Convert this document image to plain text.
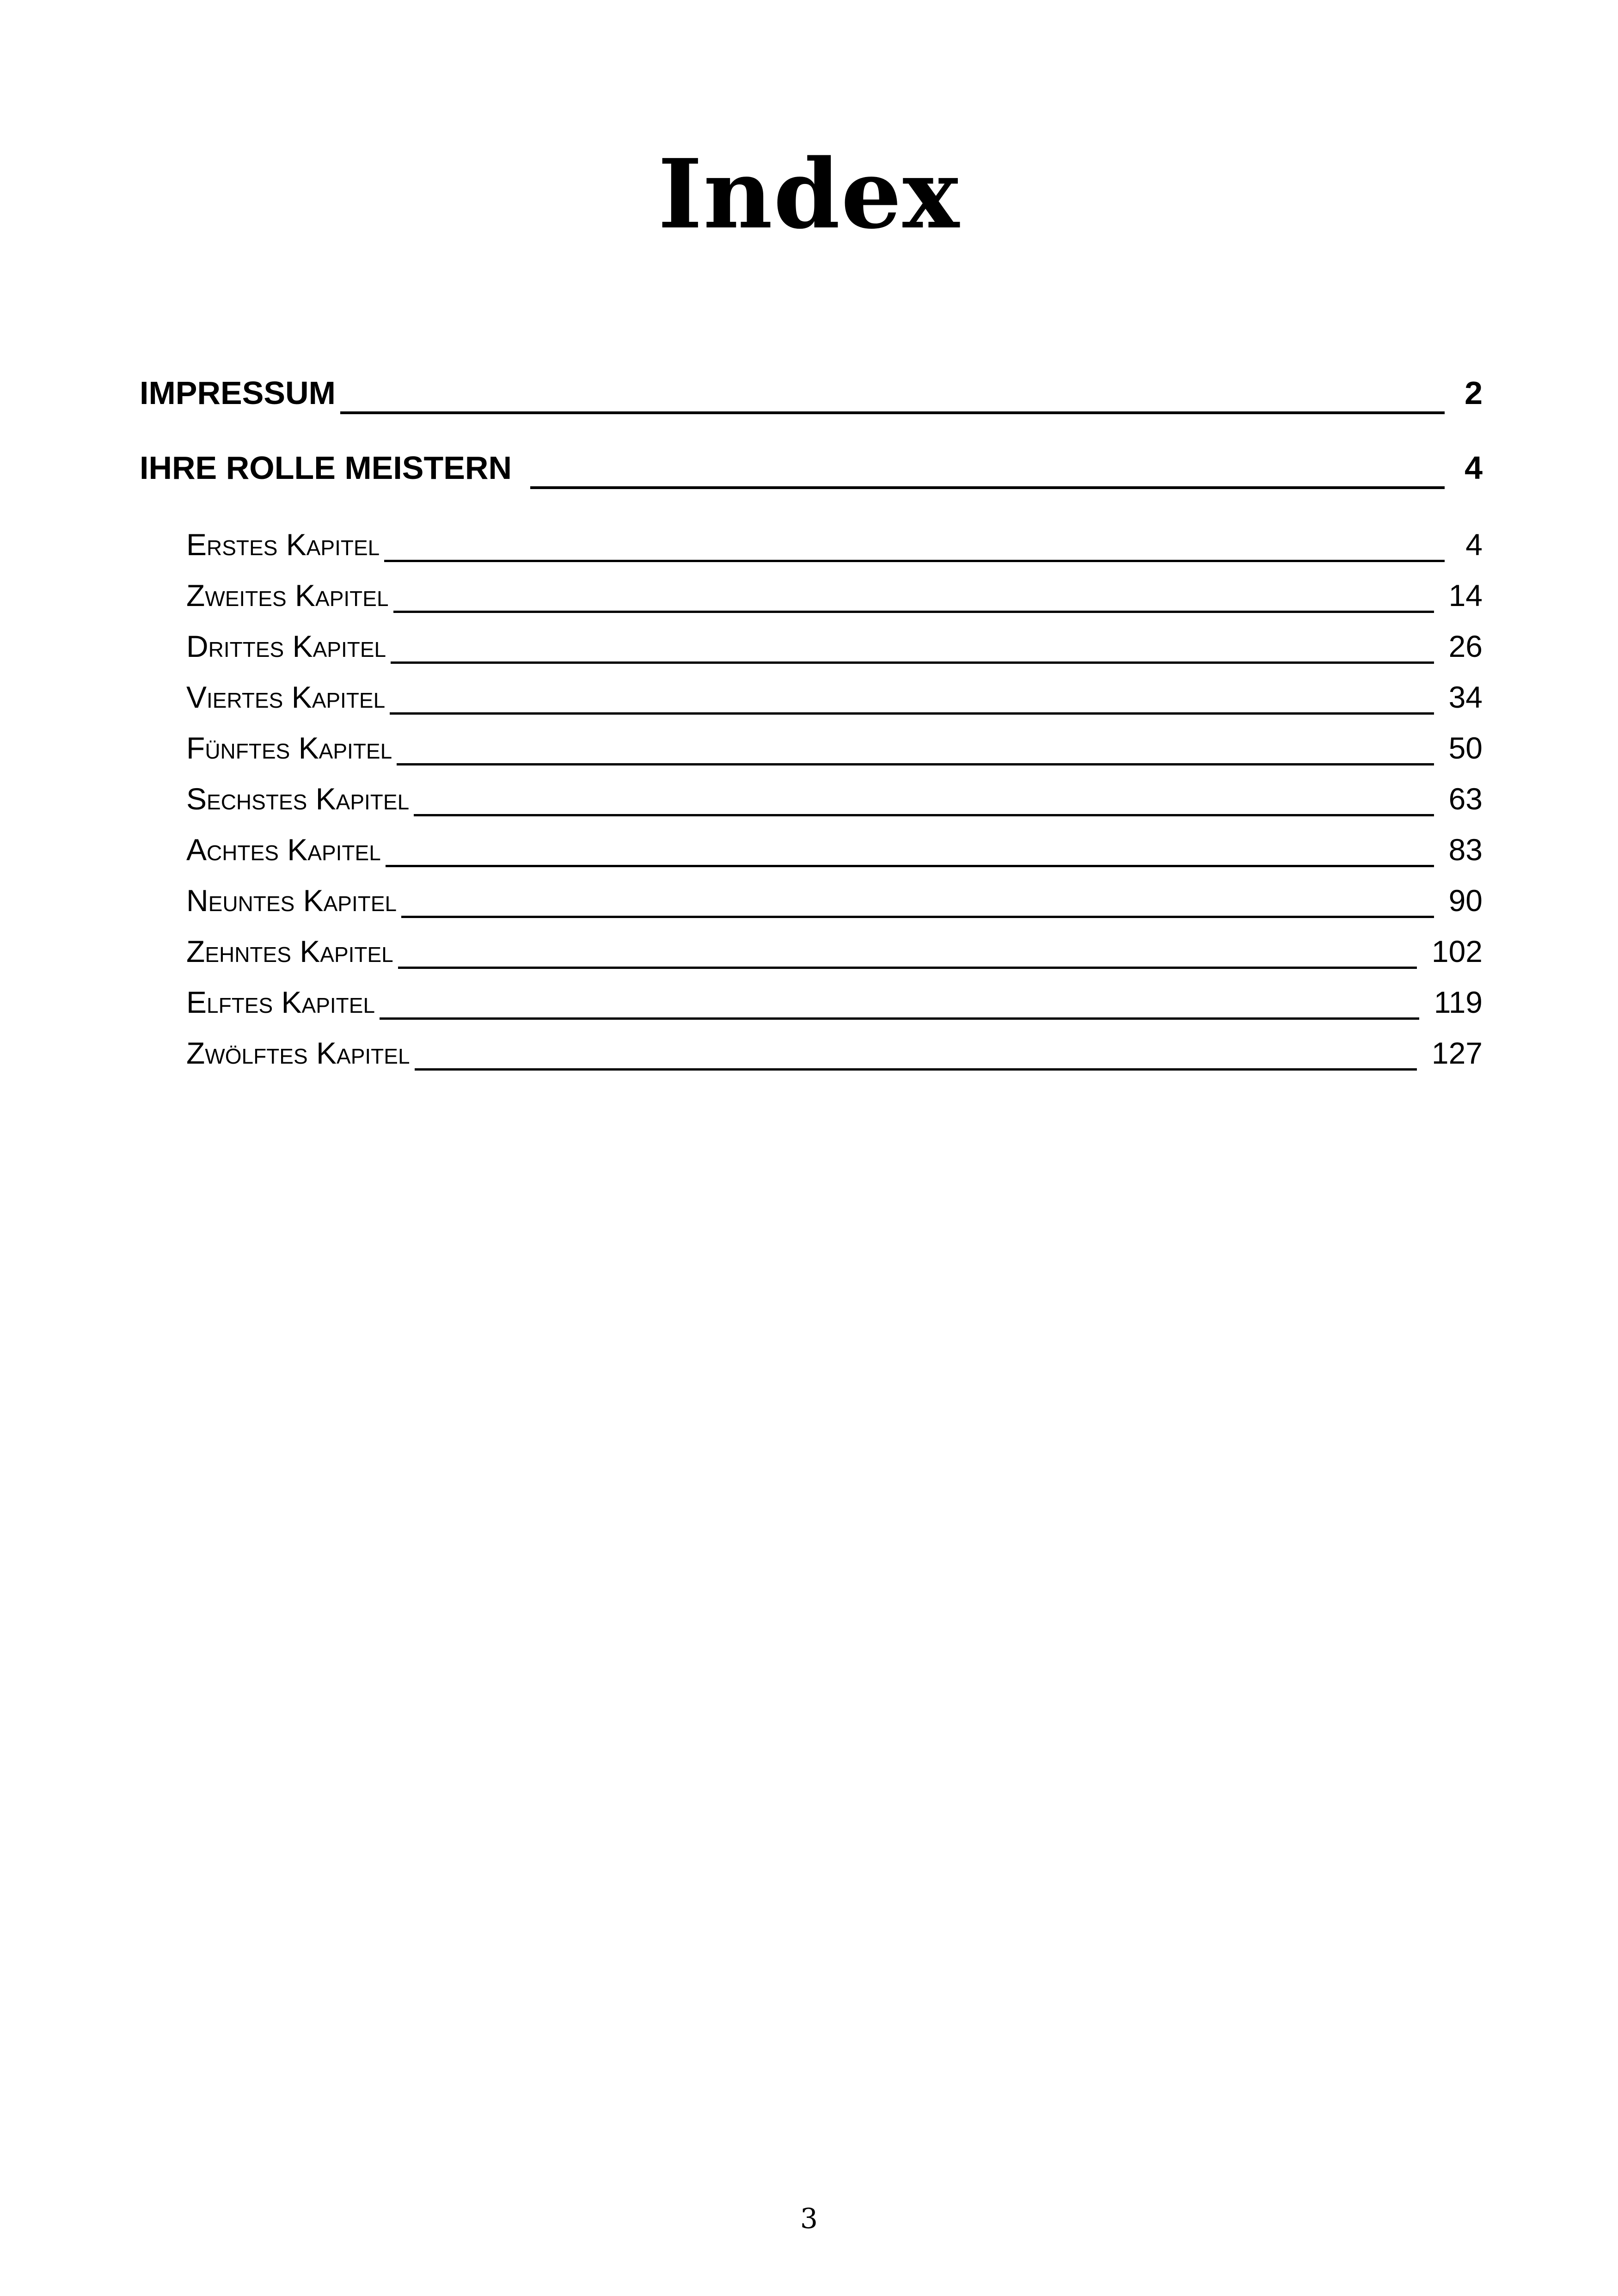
Index
IMPRESSUM	2
IHRE ROLLE MEISTERN	4
Erstes Kapitel	4
Zweites Kapitel	14
Drittes Kapitel	26
Viertes Kapitel	34
Fünftes Kapitel	50
Sechstes Kapitel	63
Achtes Kapitel	83
Neuntes Kapitel	90
Zehntes Kapitel	102
Elftes Kapitel	119
Zwölftes Kapitel	127
3
